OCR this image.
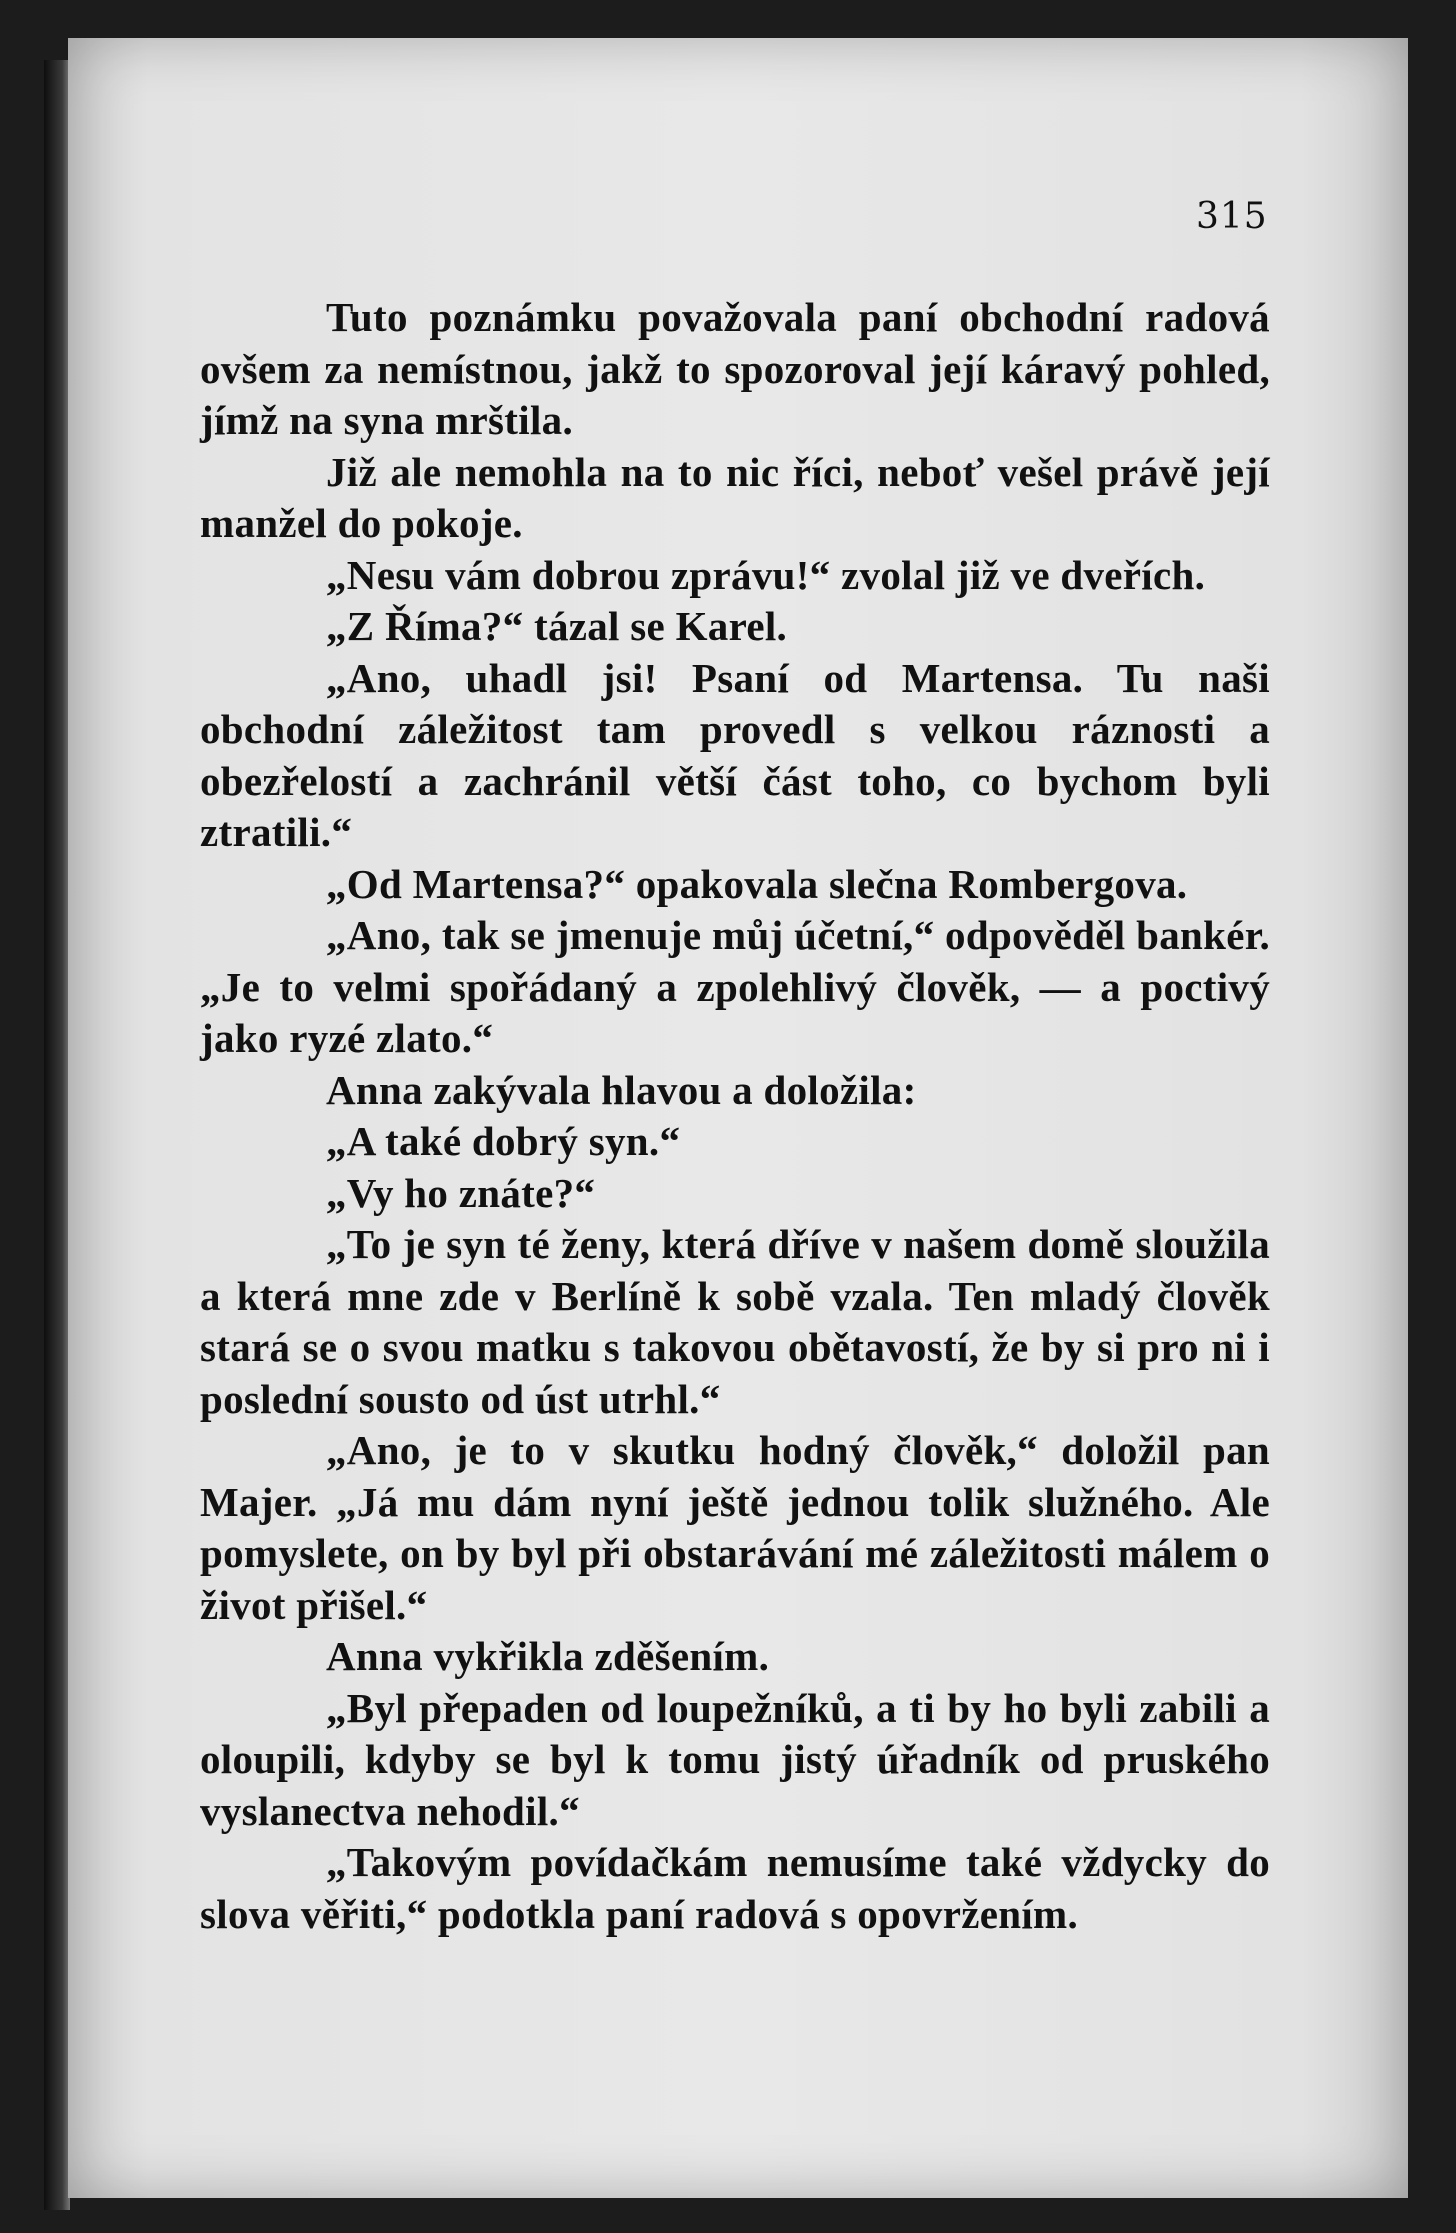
315

Tuto poznámku považovala paní obchodní radová ovšem za nemístnou, jakž to spozoroval její káravý pohled, jímž na syna mrštila.

Již ale nemohla na to nic říci, neboť vešel právě její manžel do pokoje.

„Nesu vám dobrou zprávu!“ zvolal již ve dveřích.

„Z Říma?“ tázal se Karel.

„Ano, uhadl jsi! Psaní od Martensa. Tu naši obchodní záležitost tam provedl s velkou ráznosti a obezřelostí a zachránil větší část toho, co bychom byli ztratili.“

„Od Martensa?“ opakovala slečna Rombergova.

„Ano, tak se jmenuje můj účetní,“ odpověděl bankér. „Je to velmi spořádaný a zpolehlivý člověk, — a poctivý jako ryzé zlato.“

Anna zakývala hlavou a doložila:

„A také dobrý syn.“

„Vy ho znáte?“

„To je syn té ženy, která dříve v našem domě sloužila a která mne zde v Berlíně k sobě vzala. Ten mladý člověk stará se o svou matku s takovou obětavostí, že by si pro ni i poslední sousto od úst utrhl.“

„Ano, je to v skutku hodný člověk,“ doložil pan Majer. „Já mu dám nyní ještě jednou tolik služného. Ale pomyslete, on by byl při obstarávání mé záležitosti málem o život přišel.“

Anna vykřikla zděšením.

„Byl přepaden od loupežníků, a ti by ho byli zabili a oloupili, kdyby se byl k tomu jistý úřadník od pruského vyslanectva nehodil.“

„Takovým povídačkám nemusíme také vždycky do slova věřiti,“ podotkla paní radová s opovržením.
